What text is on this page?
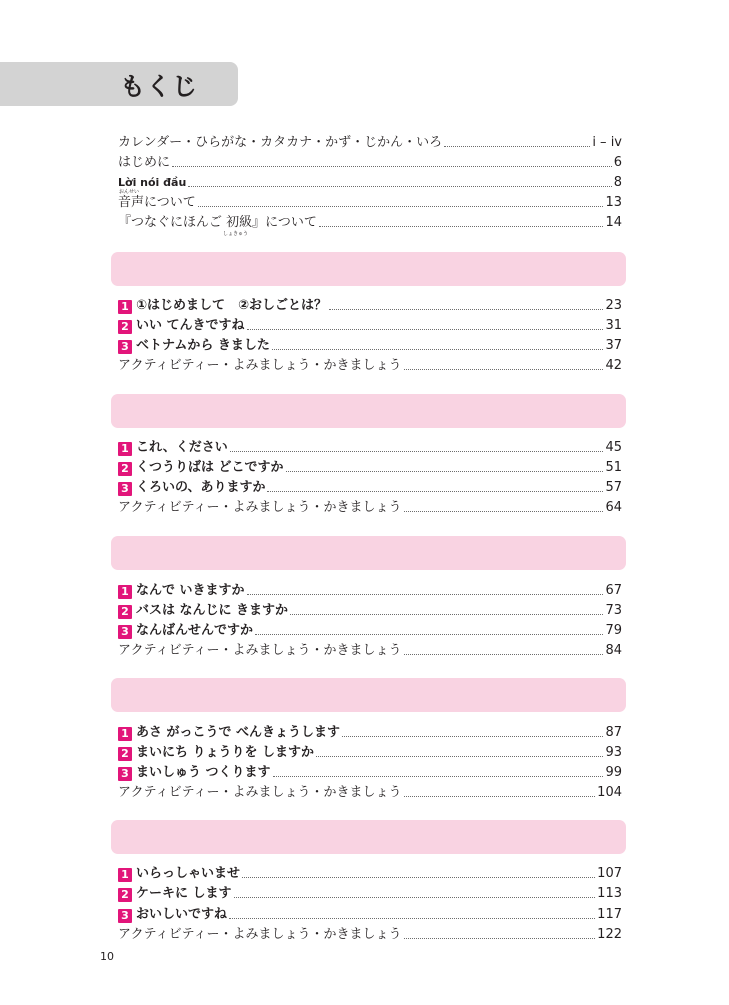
もくじ
カレンダー・ひらがな・カタカナ・かず・じかん・いろ	i – iv
はじめに	6
Lời nói đầu	8
おんせい
音声について	13
『つなぐにほんご 初級』について	14
しょきゅう
1 ①はじめまして　②おしごとは？	23
2 いい てんきですね	31
3 ベトナムから きました	37
アクティビティー・よみましょう・かきましょう	42
1 これ、ください	45
2 くつうりばは どこですか	51
3 くろいの、ありますか	57
アクティビティー・よみましょう・かきましょう	64
1 なんで いきますか	67
2 バスは なんじに きますか	73
3 なんばんせんですか	79
アクティビティー・よみましょう・かきましょう	84
1 あさ がっこうで べんきょうします	87
2 まいにち りょうりを しますか	93
3 まいしゅう つくります	99
アクティビティー・よみましょう・かきましょう	104
1 いらっしゃいませ	107
2 ケーキに します	113
3 おいしいですね	117
アクティビティー・よみましょう・かきましょう	122
10
